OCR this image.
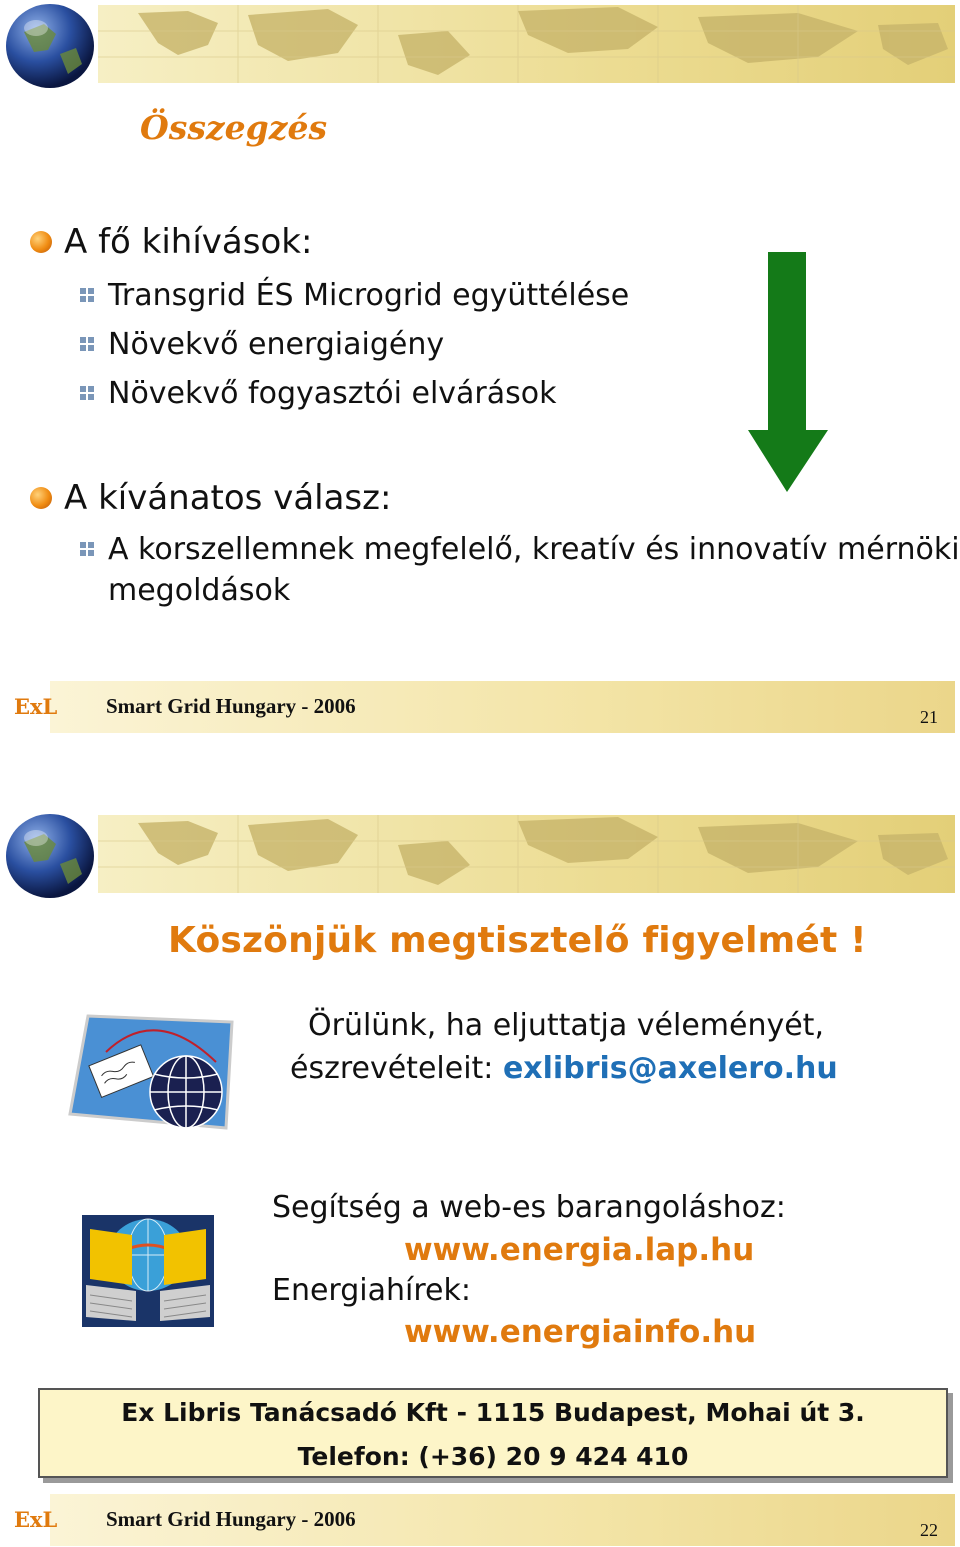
Összegzés
A fő kihívások:
Transgrid ÉS Microgrid együttélése
Növekvő energiaigény
Növekvő fogyasztói elvárások
A kívánatos válasz:
A korszellemnek megfelelő, kreatív és innovatív mérnöki
megoldások
ExL Smart Grid Hungary - 2006	21
Köszönjük megtisztelő figyelmét !
Örülünk, ha eljuttatja véleményét,
észrevételeit: exlibris@axelero.hu
Segítség a web-es barangoláshoz:
www.energia.lap.hu
Energiahírek:
www.energiainfo.hu
Ex Libris Tanácsadó Kft - 1115 Budapest, Mohai út 3.
Telefon: (+36) 20 9 424 410
ExL Smart Grid Hungary - 2006	22
